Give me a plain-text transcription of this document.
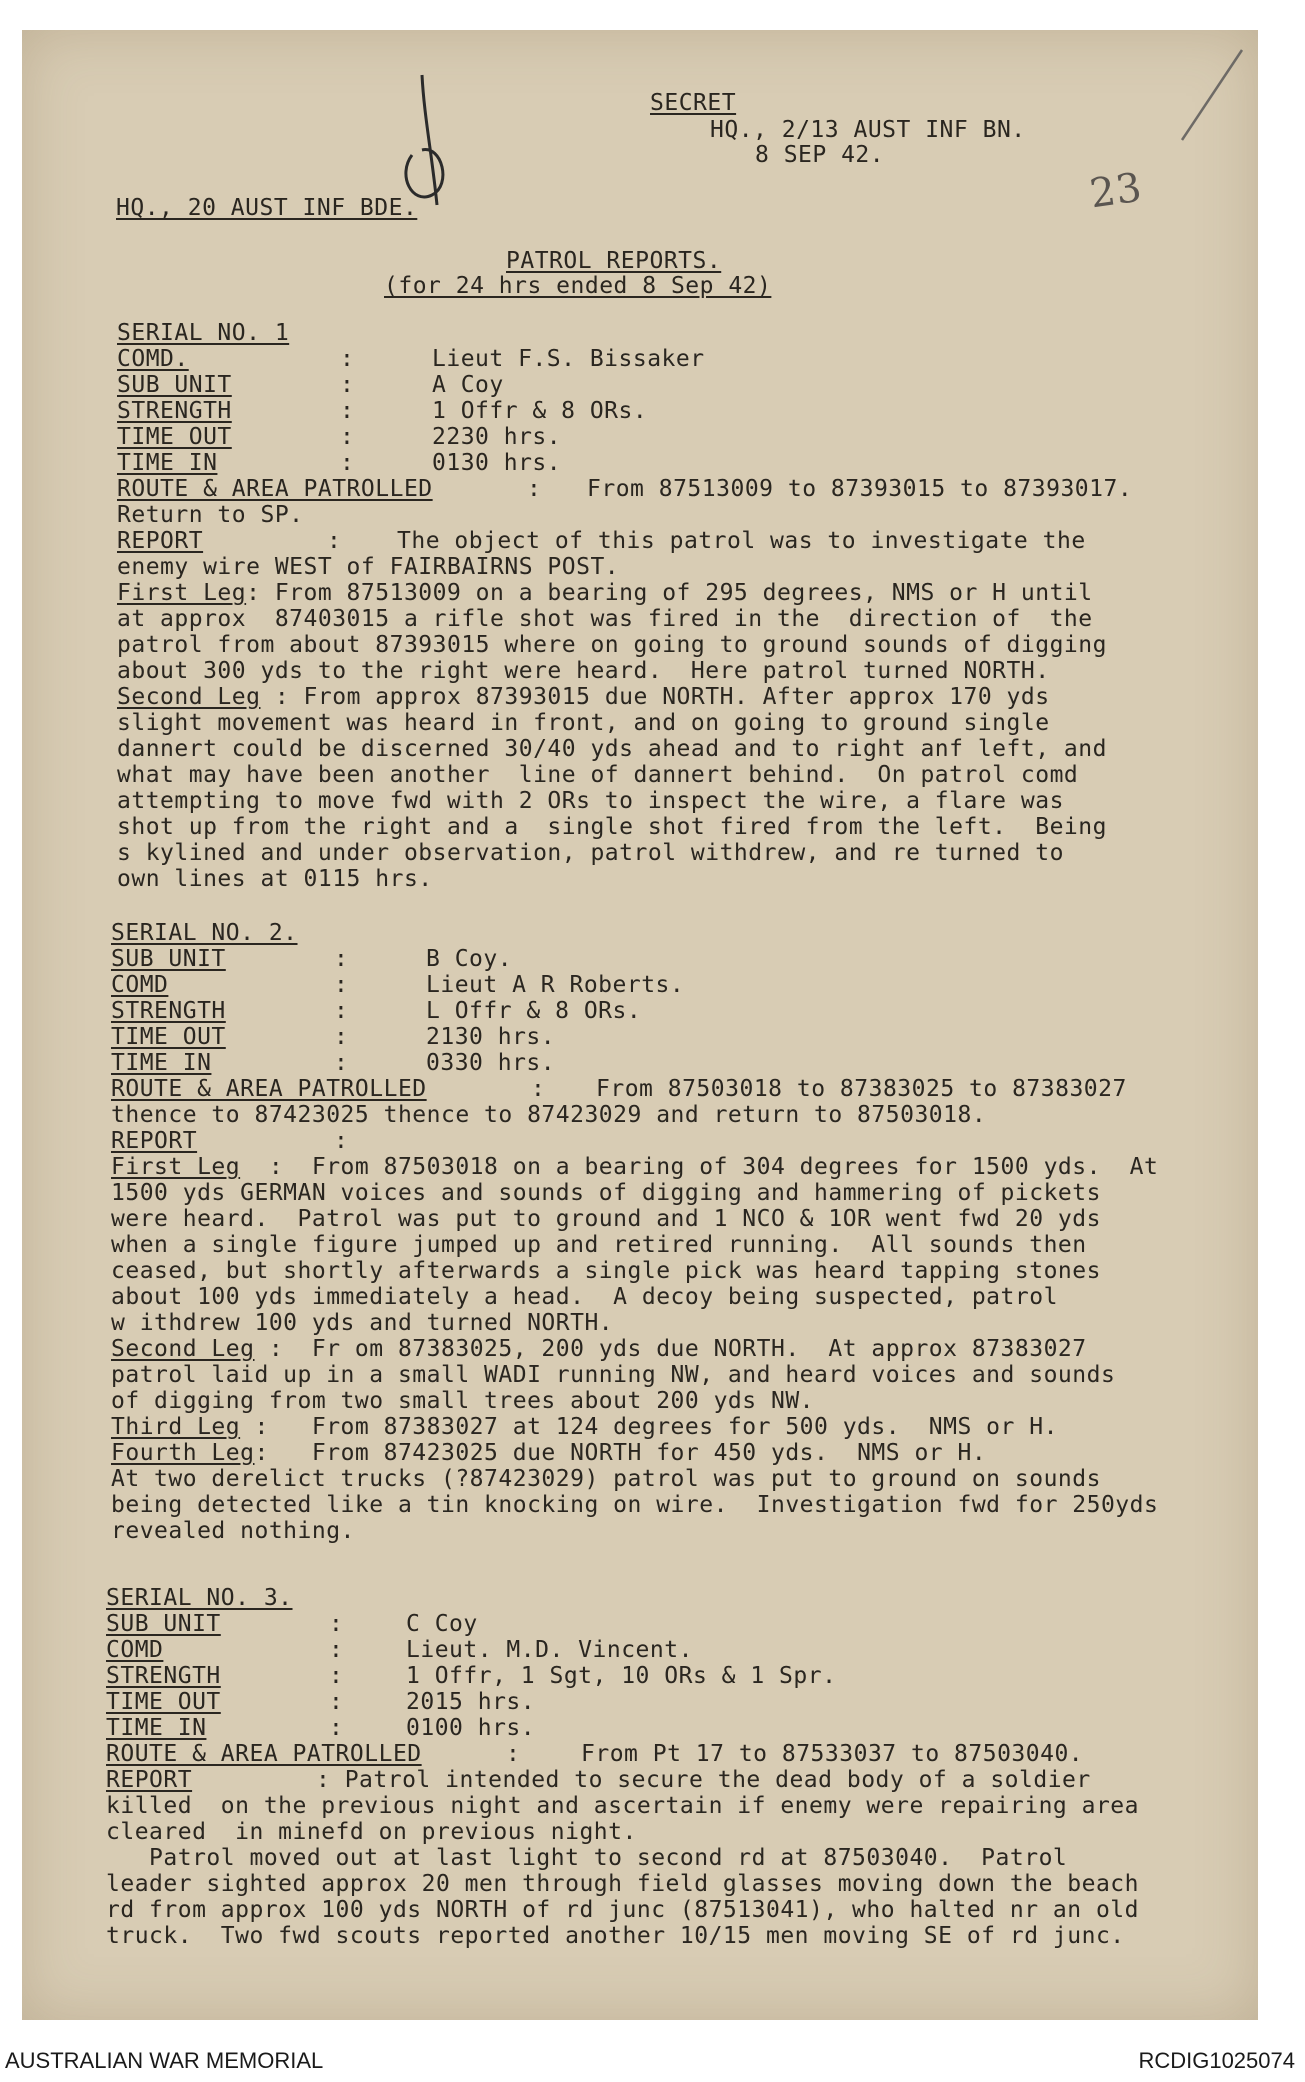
23
SECRET
HQ., 2/13 AUST INF BN.
8 SEP 42.
HQ., 20 AUST INF BDE.
PATROL REPORTS.
(for 24 hrs ended 8 Sep 42)
SERIAL NO. 1
COMD.	:	Lieut F.S. Bissaker
SUB UNIT	:	A Coy
STRENGTH	:	1 Offr & 8 ORs.
TIME OUT	:	2230 hrs.
TIME IN	:	0130 hrs.
ROUTE & AREA PATROLLED	: From 87513009 to 87393015 to 87393017.
Return to SP.
REPORT	: The object of this patrol was to investigate the
enemy wire WEST of FAIRBAIRNS POST.
First Leg: From 87513009 on a bearing of 295 degrees, NMS or H until
at approx  87403015 a rifle shot was fired in the  direction of  the
patrol from about 87393015 where on going to ground sounds of digging
about 300 yds to the right were heard.  Here patrol turned NORTH.
Second Leg : From approx 87393015 due NORTH. After approx 170 yds
slight movement was heard in front, and on going to ground single
dannert could be discerned 30/40 yds ahead and to right anf left, and
what may have been another  line of dannert behind.  On patrol comd
attempting to move fwd with 2 ORs to inspect the wire, a flare was
shot up from the right and a  single shot fired from the left.  Being
s kylined and under observation, patrol withdrew, and re turned to
own lines at 0115 hrs.
SERIAL NO. 2.
SUB UNIT	:	B Coy.
COMD	:	Lieut A R Roberts.
STRENGTH	:	L Offr & 8 ORs.
TIME OUT	:	2130 hrs.
TIME IN	:	0330 hrs.
ROUTE & AREA PATROLLED	: From 87503018 to 87383025 to 87383027
thence to 87423025 thence to 87423029 and return to 87503018.
REPORT	:
First Leg  :  From 87503018 on a bearing of 304 degrees for 1500 yds.  At
1500 yds GERMAN voices and sounds of digging and hammering of pickets
were heard.  Patrol was put to ground and 1 NCO & 1OR went fwd 20 yds
when a single figure jumped up and retired running.  All sounds then
ceased, but shortly afterwards a single pick was heard tapping stones
about 100 yds immediately a head.  A decoy being suspected, patrol
w ithdrew 100 yds and turned NORTH.
Second Leg :  Fr om 87383025, 200 yds due NORTH.  At approx 87383027
patrol laid up in a small WADI running NW, and heard voices and sounds
of digging from two small trees about 200 yds NW.
Third Leg :   From 87383027 at 124 degrees for 500 yds.  NMS or H.
Fourth Leg:   From 87423025 due NORTH for 450 yds.  NMS or H.
At two derelict trucks (?87423029) patrol was put to ground on sounds
being detected like a tin knocking on wire.  Investigation fwd for 250yds
revealed nothing.
SERIAL NO. 3.
SUB UNIT	:	C Coy
COMD	:	Lieut. M.D. Vincent.
STRENGTH	:	1 Offr, 1 Sgt, 10 ORs & 1 Spr.
TIME OUT	:	2015 hrs.
TIME IN	:	0100 hrs.
ROUTE & AREA PATROLLED	:	From Pt 17 to 87533037 to 87503040.
REPORT	: Patrol intended to secure the dead body of a soldier
killed  on the previous night and ascertain if enemy were repairing area
cleared  in minefd on previous night.
Patrol moved out at last light to second rd at 87503040.  Patrol
leader sighted approx 20 men through field glasses moving down the beach
rd from approx 100 yds NORTH of rd junc (87513041), who halted nr an old
truck.  Two fwd scouts reported another 10/15 men moving SE of rd junc.
AUSTRALIAN WAR MEMORIAL	RCDIG1025074
